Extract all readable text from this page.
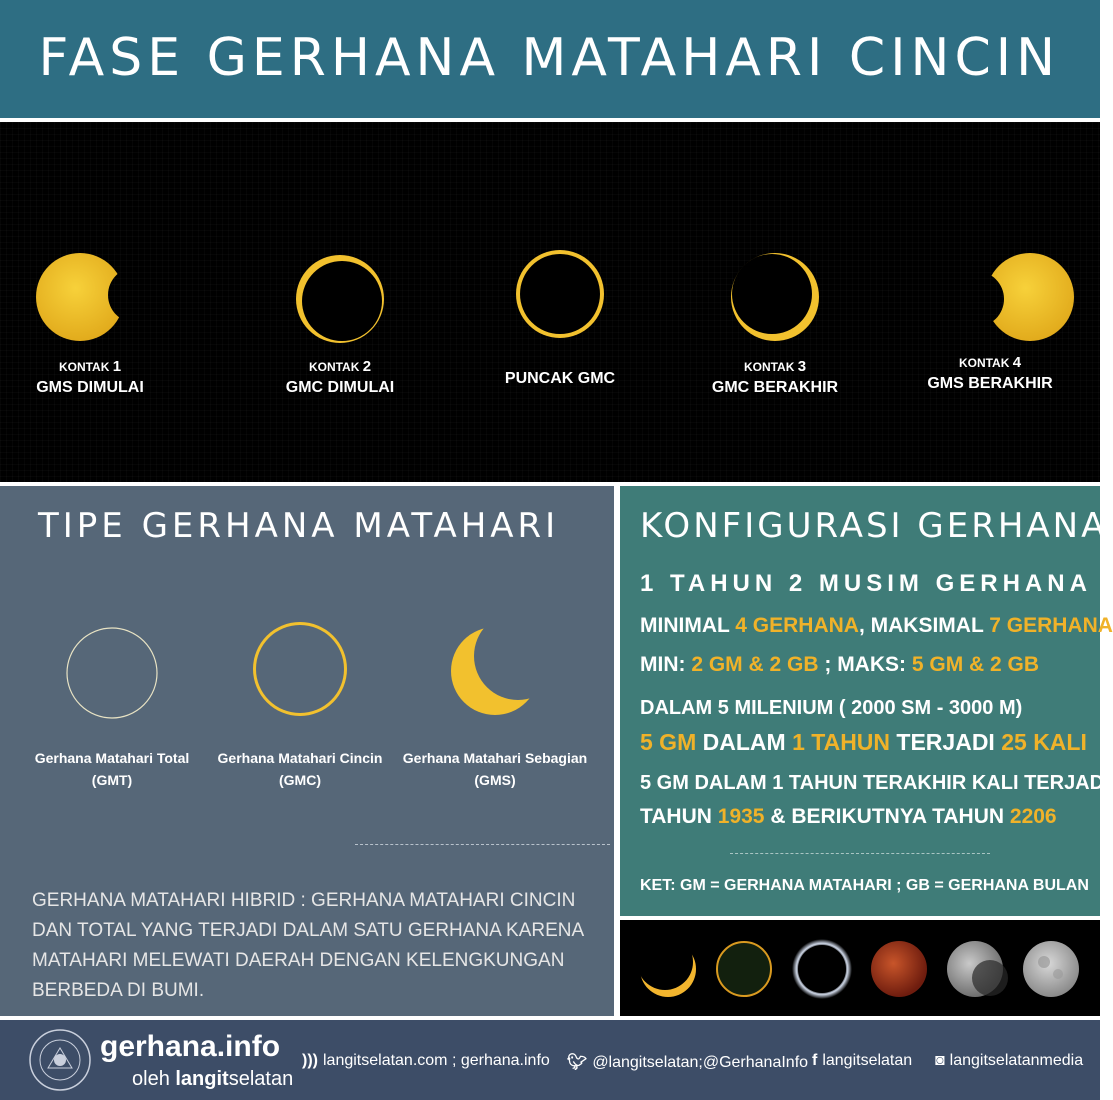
FASE GERHANA MATAHARI CINCIN
KONTAK 1
GMS DIMULAI
KONTAK 2
GMC DIMULAI
PUNCAK GMC
KONTAK 3
GMC BERAKHIR
KONTAK 4
GMS BERAKHIR
TIPE GERHANA MATAHARI
Gerhana Matahari Total
(GMT)
Gerhana Matahari Cincin
(GMC)
Gerhana Matahari Sebagian
(GMS)
GERHANA MATAHARI HIBRID : GERHANA MATAHARI CINCIN DAN TOTAL YANG TERJADI DALAM SATU GERHANA KARENA MATAHARI MELEWATI DAERAH DENGAN KELENGKUNGAN BERBEDA DI BUMI.
KONFIGURASI GERHANA
1 TAHUN 2 MUSIM GERHANA
MINIMAL 4 GERHANA, MAKSIMAL 7 GERHANA
MIN: 2 GM & 2 GB ; MAKS: 5 GM & 2 GB
DALAM 5 MILENIUM ( 2000 SM - 3000 M)
5 GM DALAM 1 TAHUN TERJADI 25 KALI
5 GM DALAM 1 TAHUN TERAKHIR KALI TERJADI
TAHUN 1935 & BERIKUTNYA TAHUN 2206
KET: GM = GERHANA MATAHARI ; GB = GERHANA BULAN
gerhana.info
oleh langitselatan
))) langitselatan.com ; gerhana.info 🐦︎ @langitselatan;@GerhanaInfo f langitselatan ◙ langitselatanmedia
